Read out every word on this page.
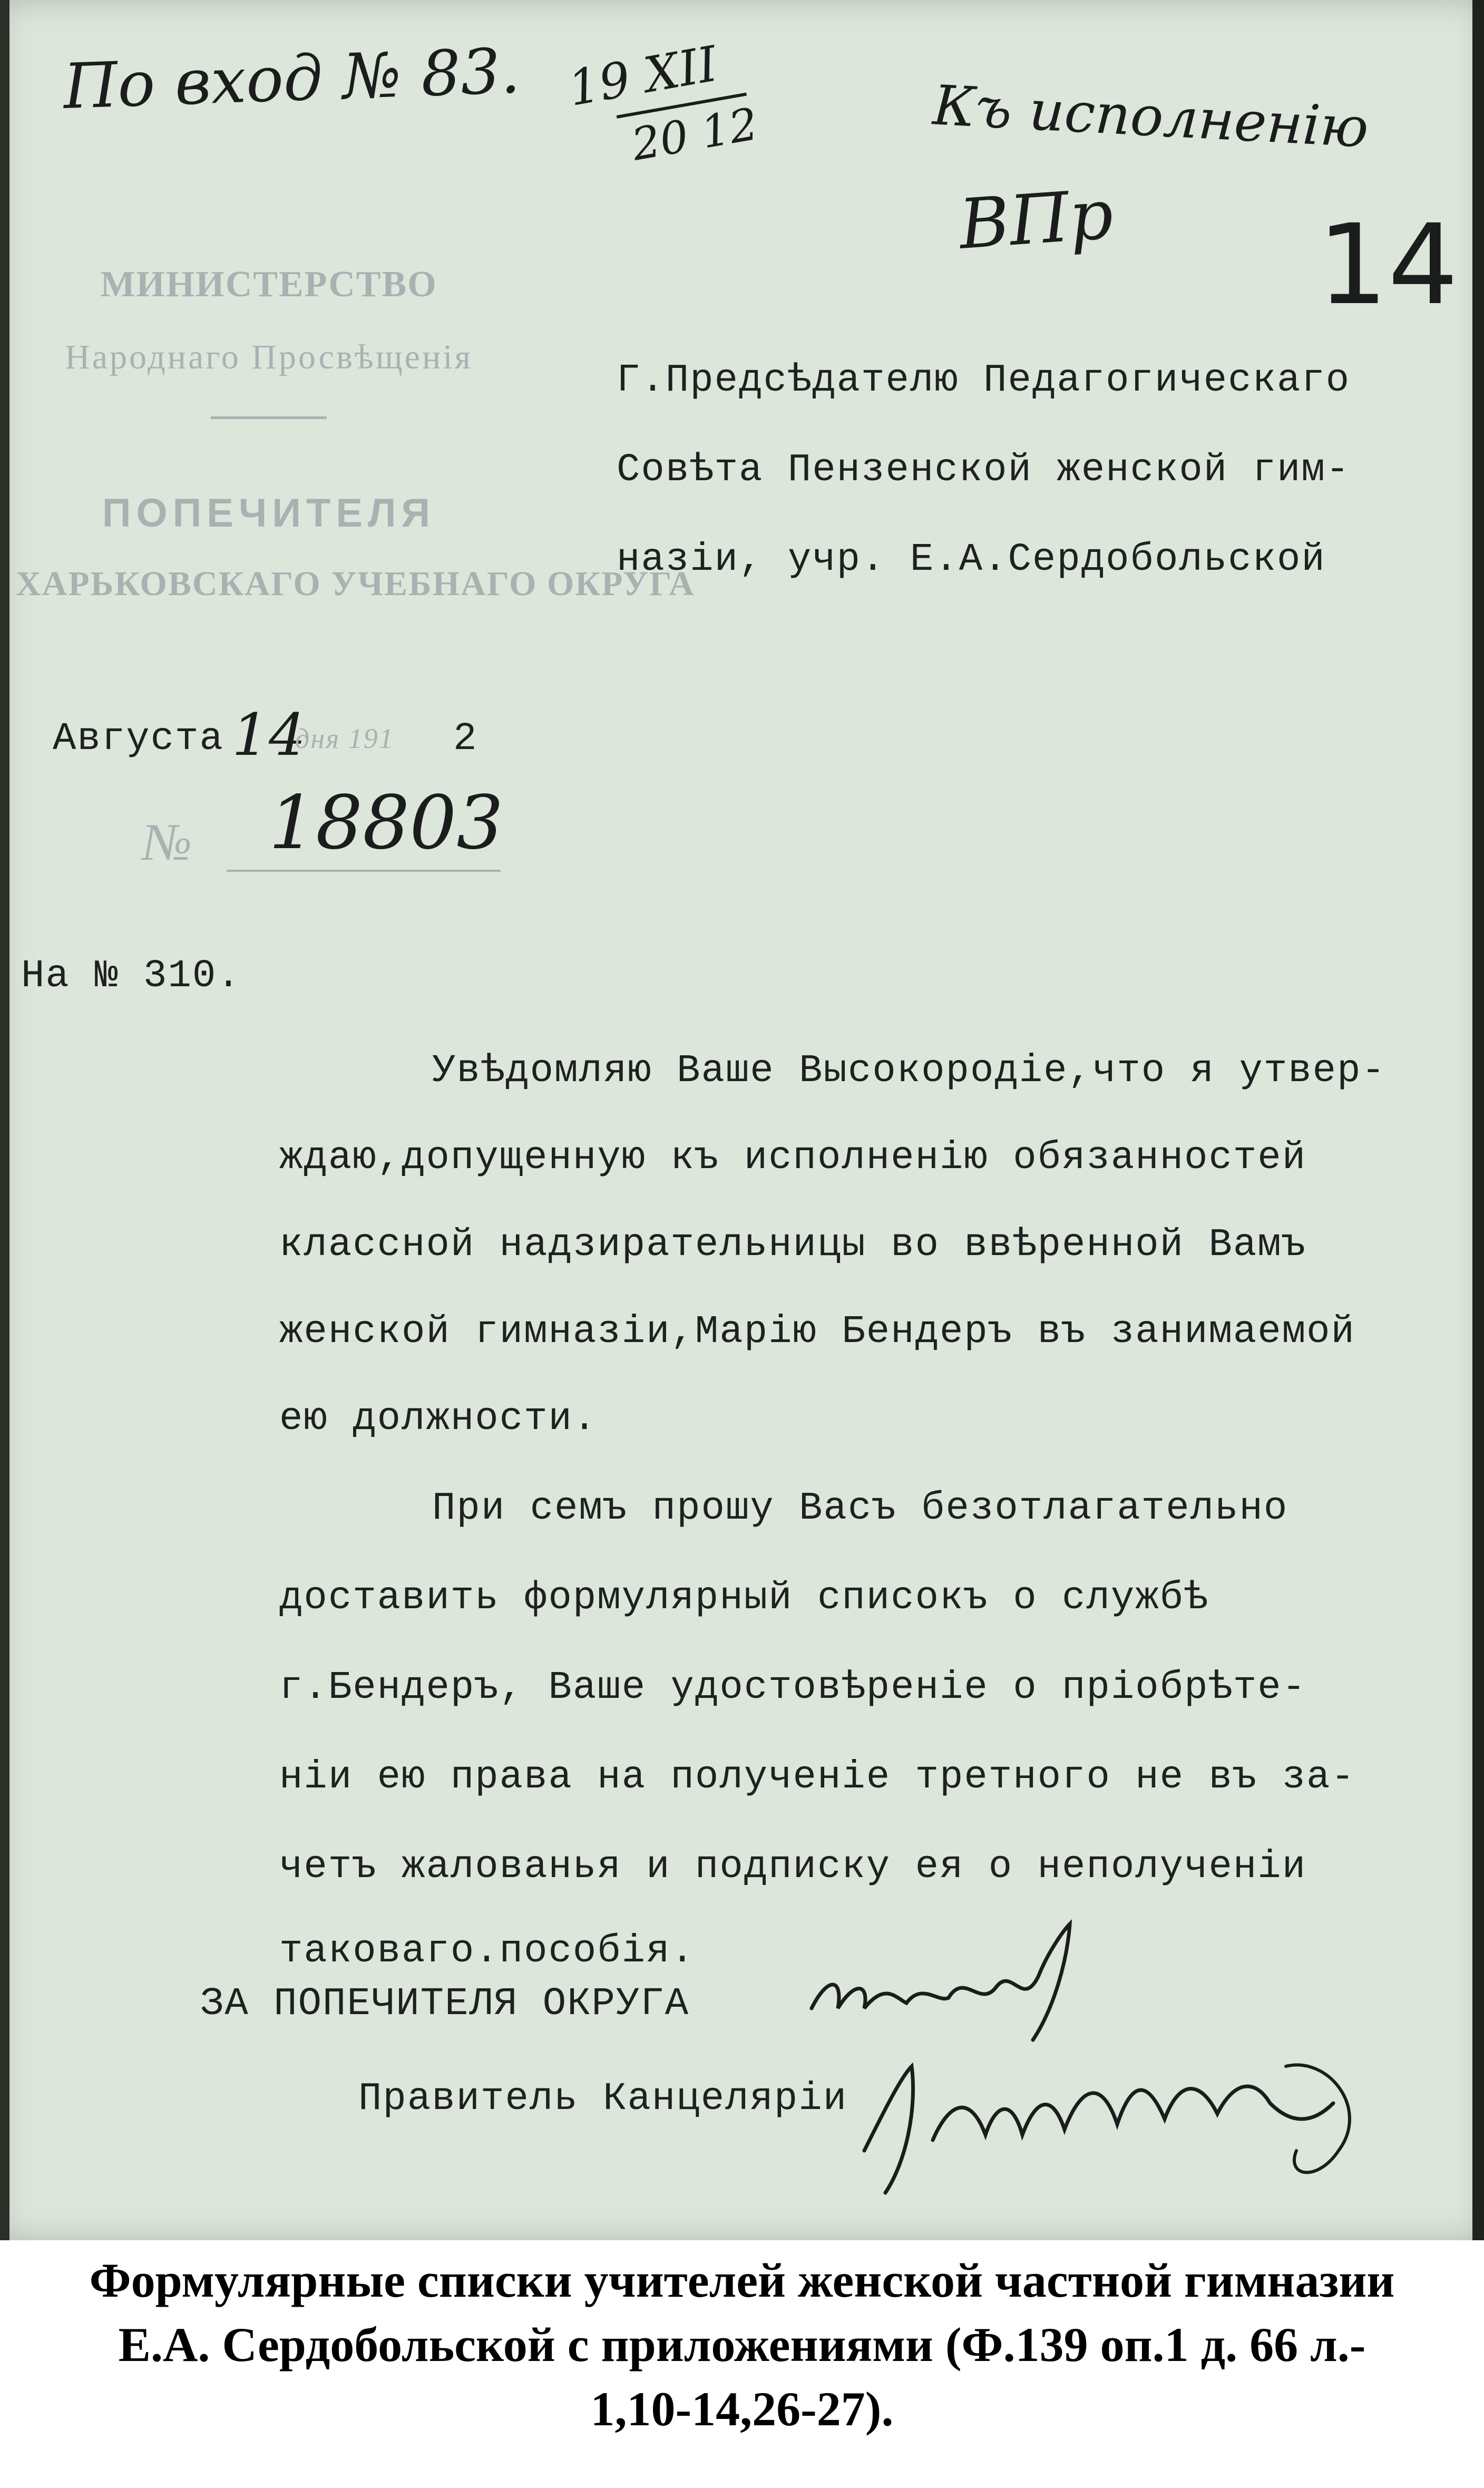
По вход № 83. 19 XII
20 12	Къ исполненiю
ВПр 14
МИНИСТЕРСТВО
Народнаго Просвѣщенія
ПОПЕЧИТЕЛЯ
ХАРЬКОВСКАГО УЧЕБНАГО ОКРУГА
Августа 14
дня 191 2
№ 18803
Г.Предсѣдателю Педагогическаго
Совѣта Пензенской женской гим-
назiи, учр. Е.А.Сердобольской
На № 310.
Увѣдомляю Ваше Высокородiе,что я утвер-
ждаю,допущенную къ исполненiю обязанностей
классной надзирательницы во ввѣренной Вамъ
женской гимназiи,Марiю Бендеръ въ занимаемой
ею должности.
При семъ прошу Васъ безотлагательно
доставить формулярный списокъ о службѣ
г.Бендеръ, Ваше удостовѣренiе о прiобрѣте-
нiи ею права на полученiе третного не въ за-
четъ жалованья и подписку ея о неполученiи
таковаго.пособiя.
ЗА ПОПЕЧИТЕЛЯ ОКРУГА
Правитель Канцелярiи
Формулярные списки учителей женской частной гимназии
Е.А. Сердобольской с приложениями (Ф.139 оп.1 д. 66 л.-
1,10-14,26-27).
